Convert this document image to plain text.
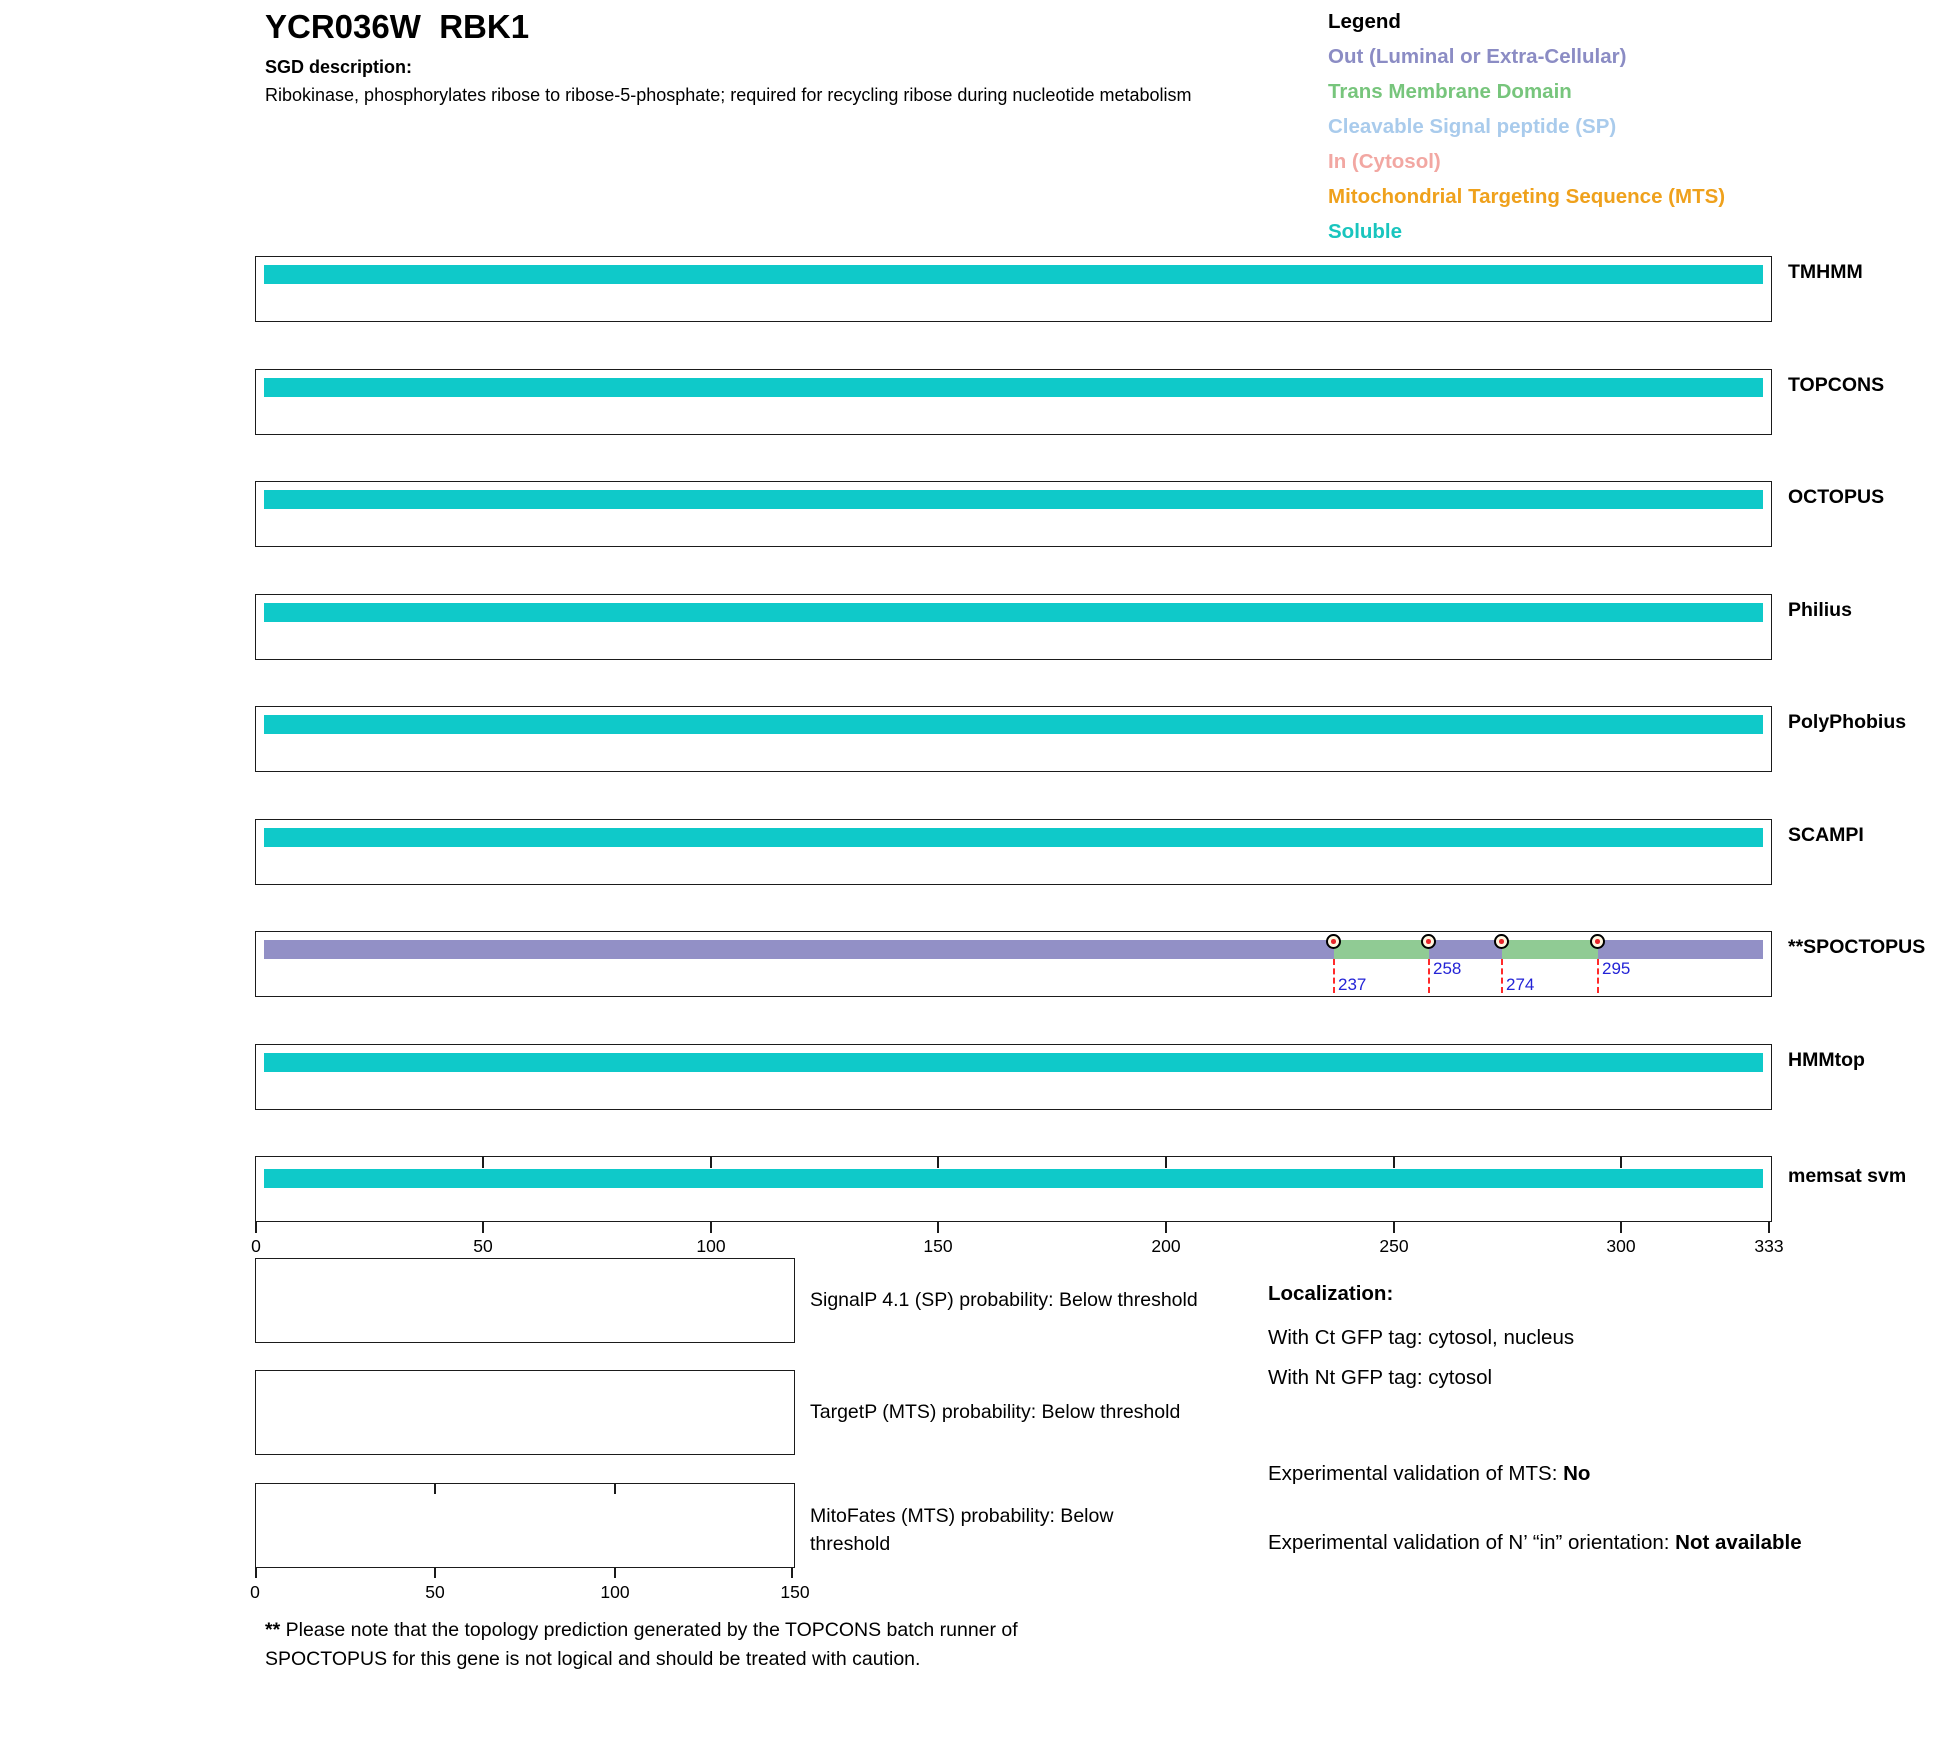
YCR036W  RBK1
SGD description:
Ribokinase, phosphorylates ribose to ribose-5-phosphate; required for recycling ribose during nucleotide metabolism
Legend
Out (Luminal or Extra-Cellular)
Trans Membrane Domain
Cleavable Signal peptide (SP)
In (Cytosol)
Mitochondrial Targeting Sequence (MTS)
Soluble
TMHMM
TOPCONS
OCTOPUS
Philius
PolyPhobius
SCAMPI
237
258
274
295
**SPOCTOPUS
HMMtop
memsat svm
0	50	100	150	200	250	300	333
SignalP 4.1 (SP) probability: Below threshold
TargetP (MTS) probability: Below threshold
0	50	100	150
MitoFates (MTS) probability: Below threshold
Localization:
With Ct GFP tag: cytosol, nucleus
With Nt GFP tag: cytosol
Experimental validation of MTS: No
Experimental validation of N’ “in” orientation: Not available
** Please note that the topology prediction generated by the TOPCONS batch runner of SPOCTOPUS for this gene is not logical and should be treated with caution.
